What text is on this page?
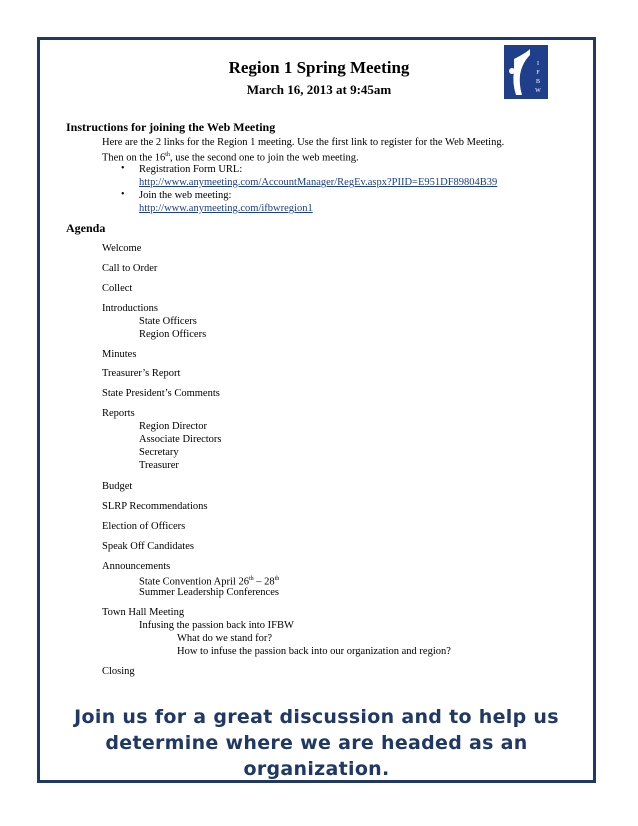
I
F
B
W
Region 1 Spring Meeting
March 16, 2013 at 9:45am
Instructions for joining the Web Meeting
Here are the 2 links for the Region 1 meeting. Use the first link to register for the Web Meeting.
Then on the 16th, use the second one to join the web meeting.
• Registration Form URL:
http://www.anymeeting.com/AccountManager/RegEv.aspx?PIID=E951DF89804B39
• Join the web meeting:
http://www.anymeeting.com/ifbwregion1
Agenda
Welcome
Call to Order
Collect
Introductions
State Officers
Region Officers
Minutes
Treasurer’s Report
State President’s Comments
Reports
Region Director
Associate Directors
Secretary
Treasurer
Budget
SLRP Recommendations
Election of Officers
Speak Off Candidates
Announcements
State Convention April 26th – 28th
Summer Leadership Conferences
Town Hall Meeting
Infusing the passion back into IFBW
What do we stand for?
How to infuse the passion back into our organization and region?
Closing
Join us for a great discussion and to help us
determine where we are headed as an
organization.
